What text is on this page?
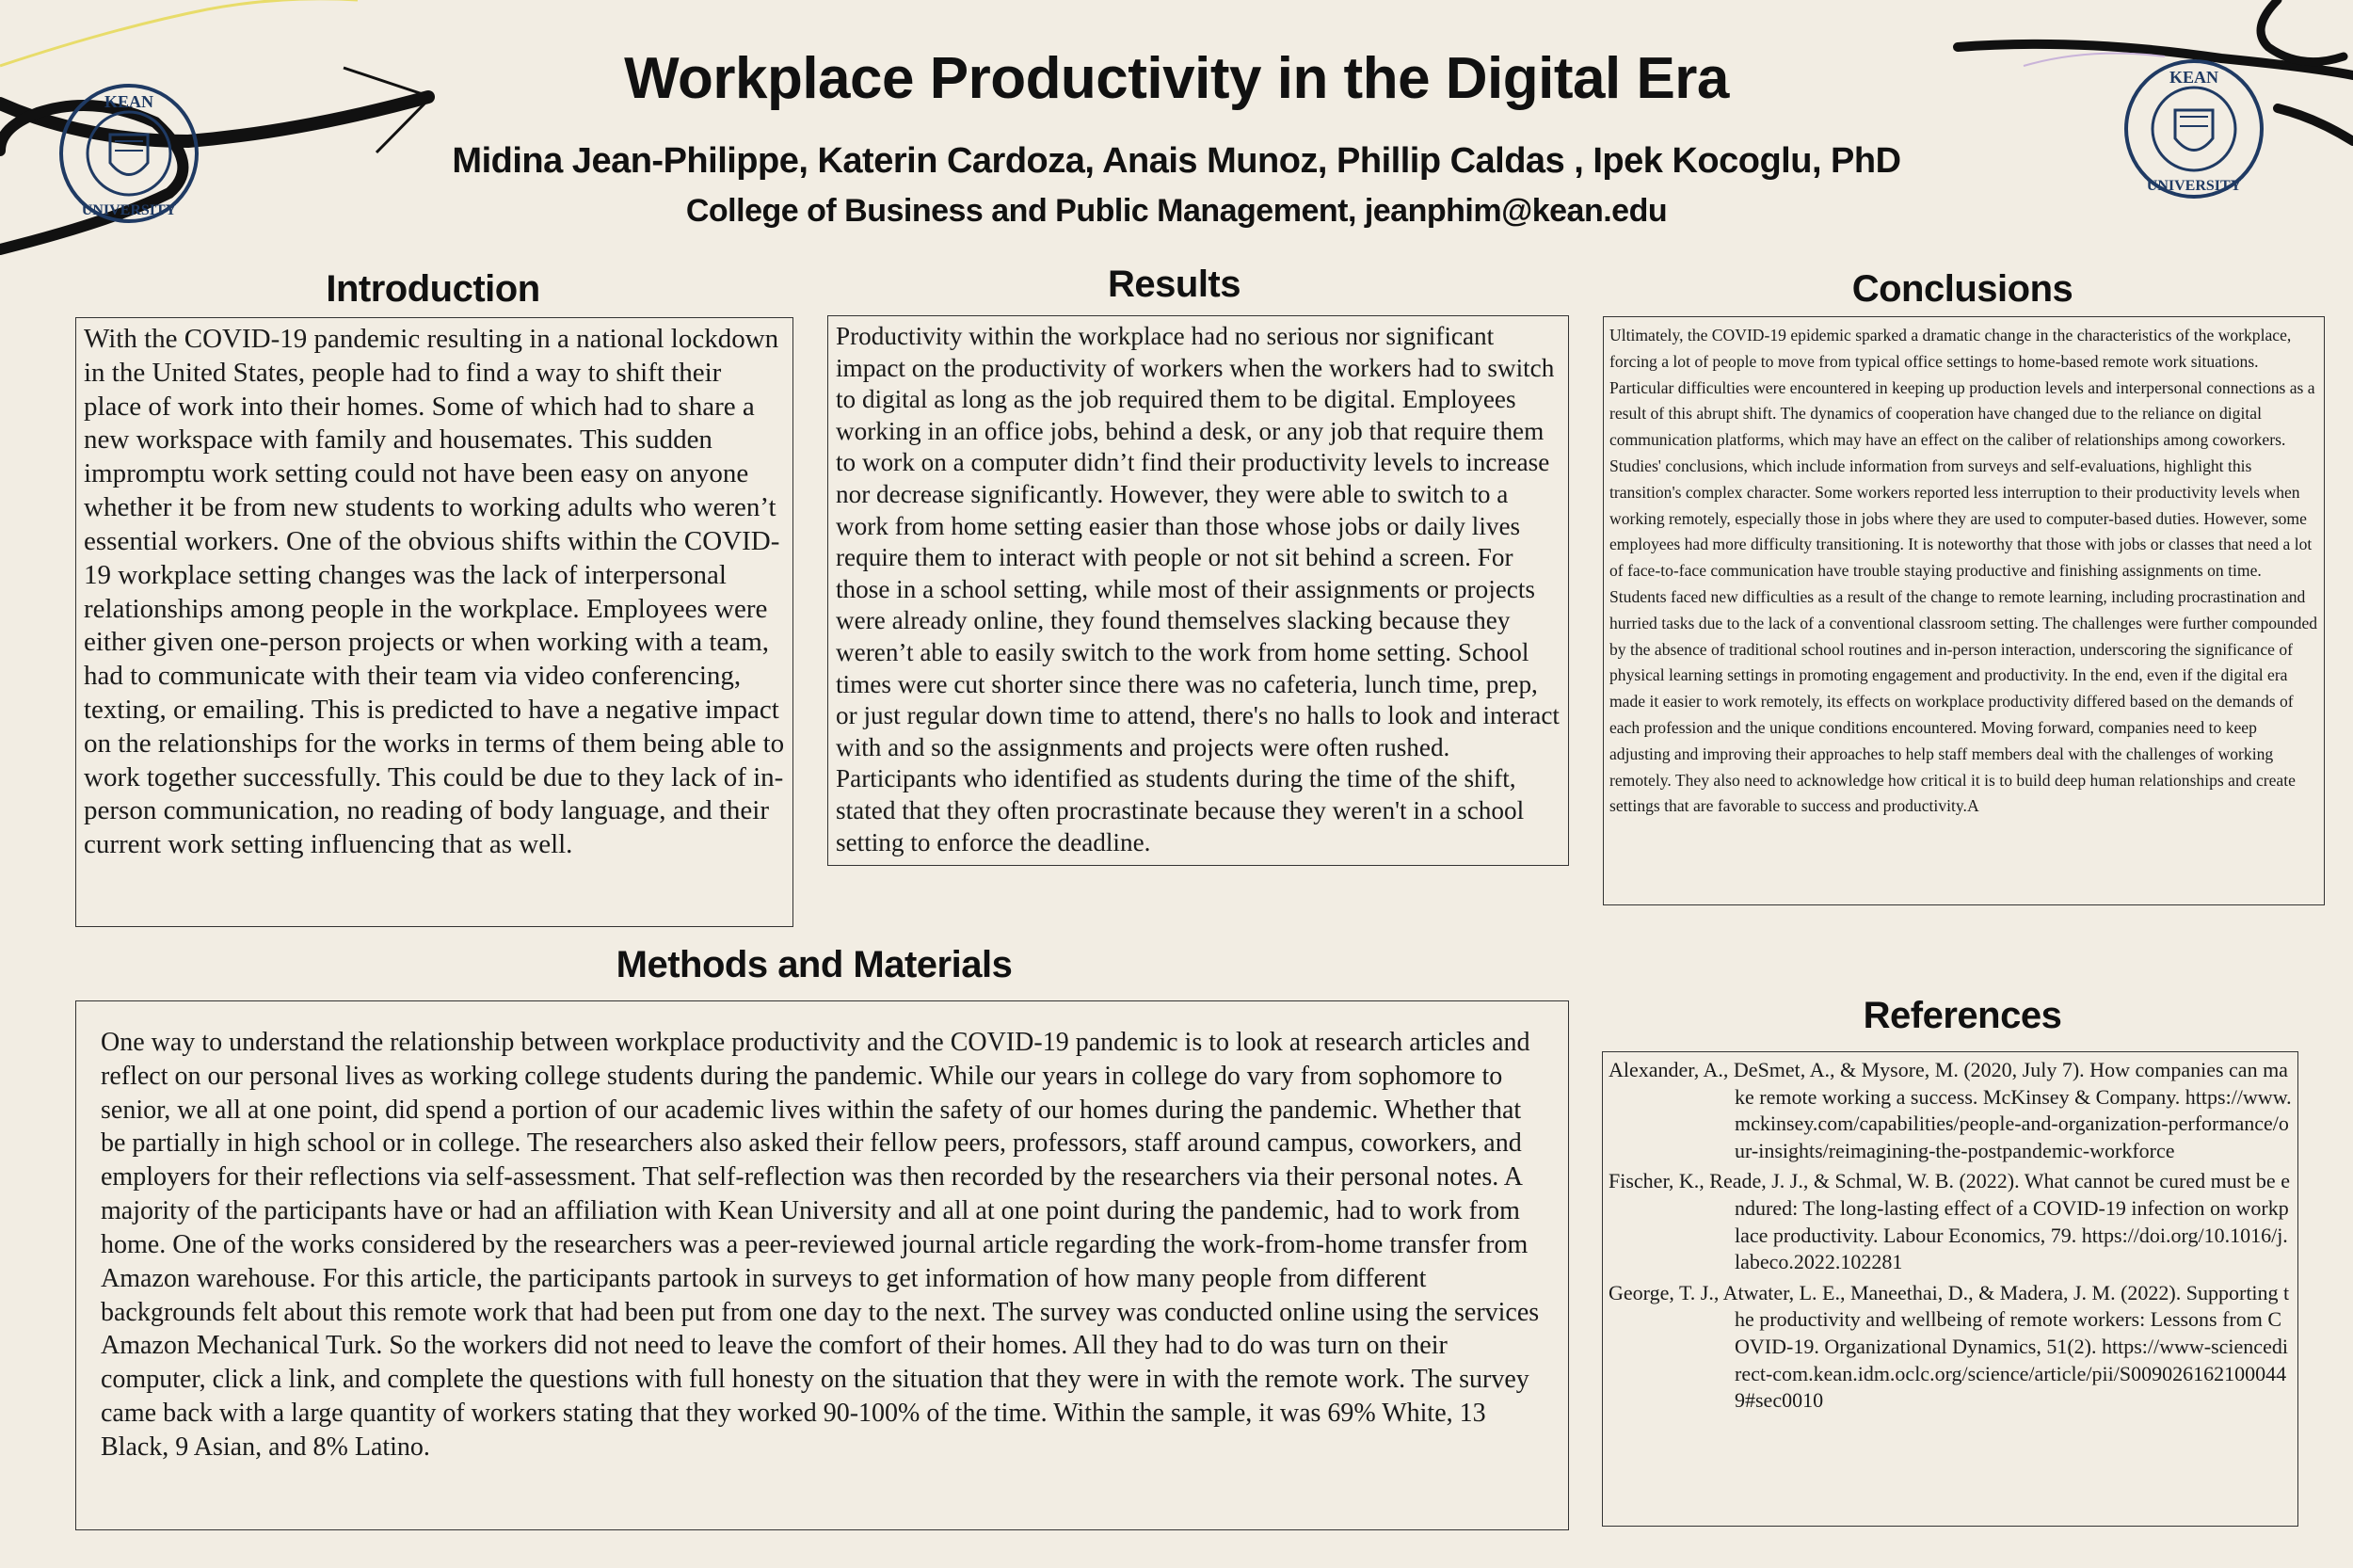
KEAN
UNIVERSITY
KEAN
UNIVERSITY
Workplace Productivity in the Digital Era
Midina Jean-Philippe, Katerin Cardoza, Anais Munoz, Phillip Caldas , Ipek Kocoglu, PhD
College of Business and Public Management, jeanphim@kean.edu
Introduction	Results	Conclusions
Methods and Materials
References

With the COVID-19 pandemic resulting in a national lockdown in the United States, people had to find a way to shift their place of work into their homes. Some of which had to share a new workspace with family and housemates. This sudden impromptu work setting could not have been easy on anyone whether it be from new students to working adults who weren’t essential workers. One of the obvious shifts within the COVID-19 workplace setting changes was the lack of interpersonal relationships among people in the workplace. Employees were either given one-person projects or when working with a team, had to communicate with their team via video conferencing, texting, or emailing. This is predicted to have a negative impact on the relationships for the works in terms of them being able to work together successfully. This could be due to they lack of in-person communication, no reading of body language, and their current work setting influencing that as well.

Productivity within the workplace had no serious nor significant impact on the productivity of workers when the workers had to switch to digital as long as the job required them to be digital. Employees working in an office jobs, behind a desk, or any job that require them to work on a computer didn’t find their productivity levels to increase nor decrease significantly. However, they were able to switch to a work from home setting easier than those whose jobs or daily lives require them to interact with people or not sit behind a screen. For those in a school setting, while most of their assignments or projects were already online, they found themselves slacking because they weren’t able to easily switch to the work from home setting. School times were cut shorter since there was no cafeteria, lunch time, prep, or just regular down time to attend, there's no halls to look and interact with and so the assignments and projects were often rushed. Participants who identified as students during the time of the shift, stated that they often procrastinate because they weren't in a school setting to enforce the deadline.

Ultimately, the COVID-19 epidemic sparked a dramatic change in the characteristics of the workplace, forcing a lot of people to move from typical office settings to home-based remote work situations. Particular difficulties were encountered in keeping up production levels and interpersonal connections as a result of this abrupt shift. The dynamics of cooperation have changed due to the reliance on digital communication platforms, which may have an effect on the caliber of relationships among coworkers. Studies' conclusions, which include information from surveys and self-evaluations, highlight this transition's complex character. Some workers reported less interruption to their productivity levels when working remotely, especially those in jobs where they are used to computer-based duties. However, some employees had more difficulty transitioning. It is noteworthy that those with jobs or classes that need a lot of face-to-face communication have trouble staying productive and finishing assignments on time. Students faced new difficulties as a result of the change to remote learning, including procrastination and hurried tasks due to the lack of a conventional classroom setting. The challenges were further compounded by the absence of traditional school routines and in-person interaction, underscoring the significance of physical learning settings in promoting engagement and productivity. In the end, even if the digital era made it easier to work remotely, its effects on workplace productivity differed based on the demands of each profession and the unique conditions encountered. Moving forward, companies need to keep adjusting and improving their approaches to help staff members deal with the challenges of working remotely. They also need to acknowledge how critical it is to build deep human relationships and create settings that are favorable to success and productivity.A

One way to understand the relationship between workplace productivity and the COVID-19 pandemic is to look at research articles and reflect on our personal lives as working college students during the pandemic. While our years in college do vary from sophomore to senior, we all at one point, did spend a portion of our academic lives within the safety of our homes during the pandemic. Whether that be partially in high school or in college. The researchers also asked their fellow peers, professors, staff around campus, coworkers, and employers for their reflections via self-assessment. That self-reflection was then recorded by the researchers via their personal notes. A majority of the participants have or had an affiliation with Kean University and all at one point during the pandemic, had to work from home. One of the works considered by the researchers was a peer-reviewed journal article regarding the work-from-home transfer from Amazon warehouse. For this article, the participants partook in surveys to get information of how many people from different backgrounds felt about this remote work that had been put from one day to the next. The survey was conducted online using the services Amazon Mechanical Turk. So the workers did not need to leave the comfort of their homes. All they had to do was turn on their computer, click a link, and complete the questions with full honesty on the situation that they were in with the remote work. The survey came back with a large quantity of workers stating that they worked 90-100% of the time. Within the sample, it was 69% White, 13 Black, 9 Asian, and 8% Latino.

Alexander, A., DeSmet, A., & Mysore, M. (2020, July 7). How companies can make remote working a success. McKinsey & Company. https://www.mckinsey.com/capabilities/people-and-organization-performance/our-insights/reimagining-the-postpandemic-workforce

Fischer, K., Reade, J. J., & Schmal, W. B. (2022). What cannot be cured must be endured: The long-lasting effect of a COVID-19 infection on workplace productivity. Labour Economics, 79. https://doi.org/10.1016/j.labeco.2022.102281

George, T. J., Atwater, L. E., Maneethai, D., & Madera, J. M. (2022). Supporting the productivity and wellbeing of remote workers: Lessons from COVID-19. Organizational Dynamics, 51(2). https://www-sciencedirect-com.kean.idm.oclc.org/science/article/pii/S0090261621000449#sec0010
